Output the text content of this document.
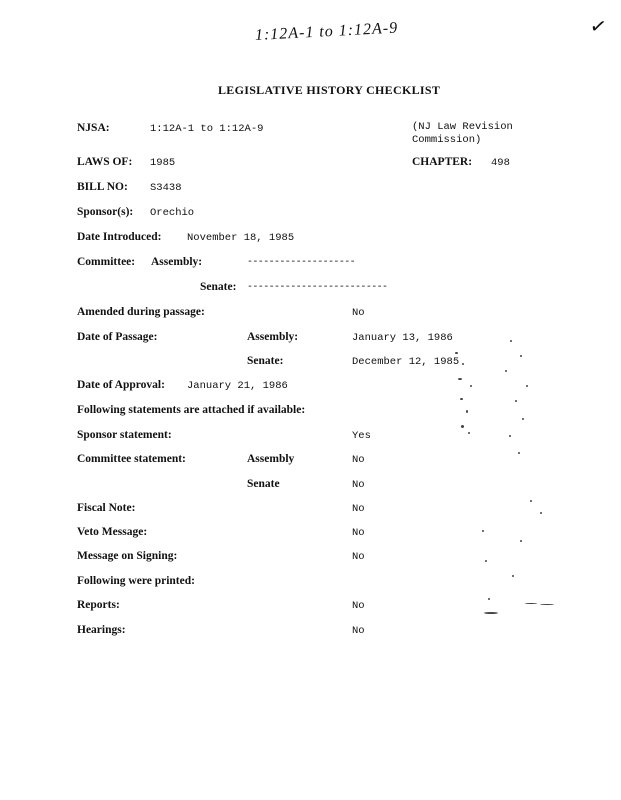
1:12A-1 to 1:12A-9	✓
LEGISLATIVE HISTORY CHECKLIST
NJSA:	1:12A-1 to 1:12A-9	(NJ Law Revision
Commission)
LAWS OF: 1985	CHAPTER: 498
BILL NO: S3438
Sponsor(s): Orechio
Date Introduced: November 18, 1985
Committee: Assembly:	--------------------
Senate: --------------------------
Amended during passage:	No
Date of Passage:	Assembly:	January 13, 1986
Senate:	December 12, 1985
Date of Approval: January 21, 1986
Following statements are attached if available:
Sponsor statement:	Yes
Committee statement:	Assembly	No
Senate	No
Fiscal Note:	No
Veto Message:	No
Message on Signing:	No
Following were printed:
Reports:	No
Hearings:	No
